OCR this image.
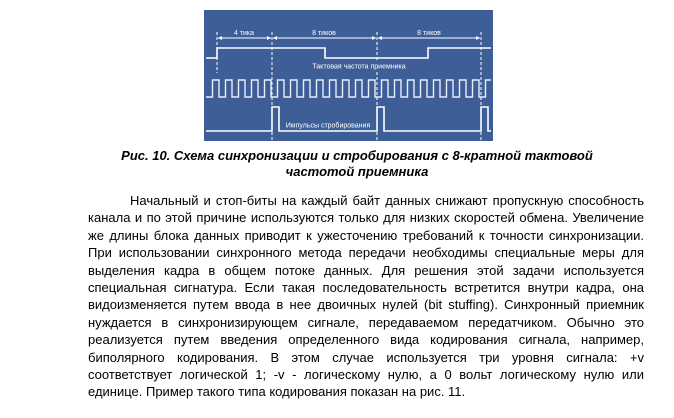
4 тика	8 тиков	8 тиков
Тактовая частота приемника
Импульсы стробирования
Рис. 10. Схема синхронизации и стробирования с 8-кратной тактовой
частотой приемника

Начальный и стоп-биты на каждый байт данных снижают пропускную способность канала и по этой причине используются только для низких скоростей обмена. Увеличение же длины блока данных приводит к ужесточению требований к точности синхронизации. При использовании синхронного метода передачи необходимы специальные меры для выделения кадра в общем потоке данных. Для решения этой задачи используется специальная сигнатура. Если такая последовательность встретится внутри кадра, она видоизменяется путем ввода в нее двоичных нулей (bit stuffing). Синхронный приемник нуждается в синхронизирующем сигнале, передаваемом передатчиком. Обычно это реализуется путем введения определенного вида кодирования сигнала, например, биполярного кодирования. В этом случае используется три уровня сигнала: +v соответствует логической 1; -v - логическому нулю, а 0 вольт логическому нулю или единице. Пример такого типа кодирования показан на рис. 11.
